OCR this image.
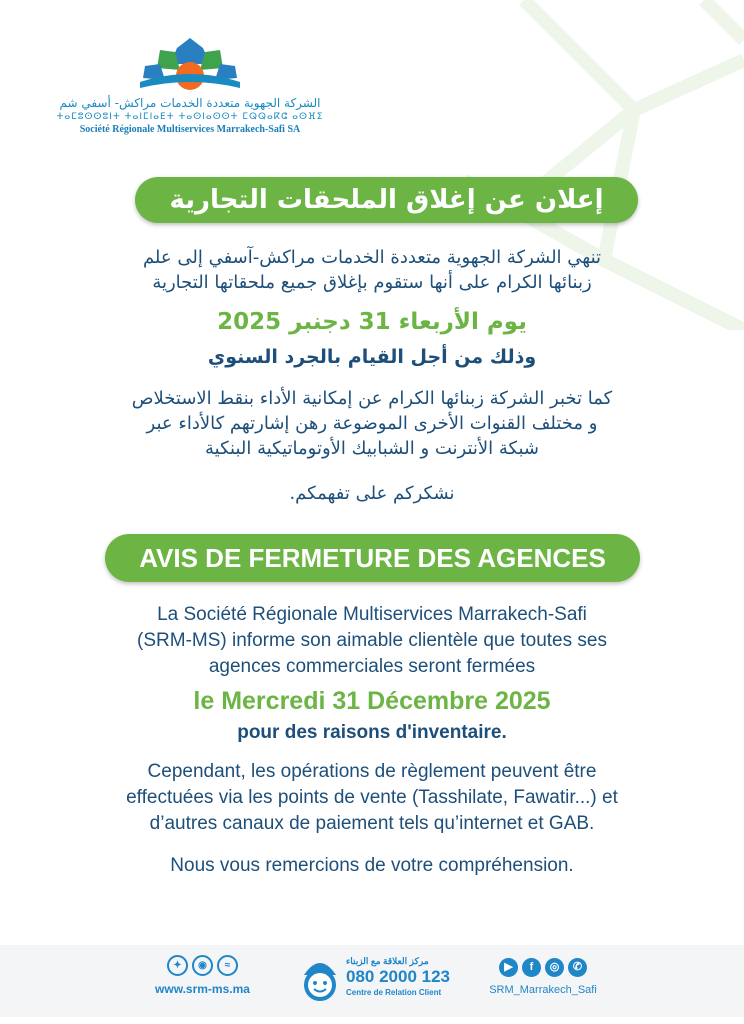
الشركة الجهوية متعددة الخدمات مراكش- أسفي شم
ⵜⴰⵎⵓⵙⵙⵓⵏⵜ ⵜⴰⵏⵎⵏⴰⴹⵜ ⵜⴰⵙⵏⴰⵙⵙⵜ ⵎⵕⵕⴰⴽⵛ ⴰⵙⴼⵉ
Société Régionale Multiservices Marrakech-Safi SA
إعلان عن إغلاق الملحقات التجارية
تنهي الشركة الجهوية متعددة الخدمات مراكش-آسفي إلى علم
زبنائها الكرام على أنها ستقوم بإغلاق جميع ملحقاتها التجارية
يوم الأربعاء 31 دجنبر 2025
وذلك من أجل القيام بالجرد السنوي
كما تخبر الشركة زبنائها الكرام عن إمكانية الأداء بنقط الاستخلاص
و مختلف القنوات الأخرى الموضوعة رهن إشارتهم كالأداء عبر
شبكة الأنترنت و الشبابيك الأوتوماتيكية البنكية
نشكركم على تفهمكم.
AVIS DE FERMETURE DES AGENCES
La Société Régionale Multiservices Marrakech-Safi
(SRM-MS) informe son aimable clientèle que toutes ses
agences commerciales seront fermées
le Mercredi 31 Décembre 2025
pour des raisons d'inventaire.
Cependant, les opérations de règlement peuvent être
effectuées via les points de vente (Tasshilate, Fawatir...) et
d’autres canaux de paiement tels qu’internet et GAB.
Nous vous remercions de votre compréhension.
✦ ◉ ≈
www.srm-ms.ma
مركز العلاقة مع الزبناء
080 2000 123
Centre de Relation Client
▶ f ◎ ✆
SRM_Marrakech_Safi
